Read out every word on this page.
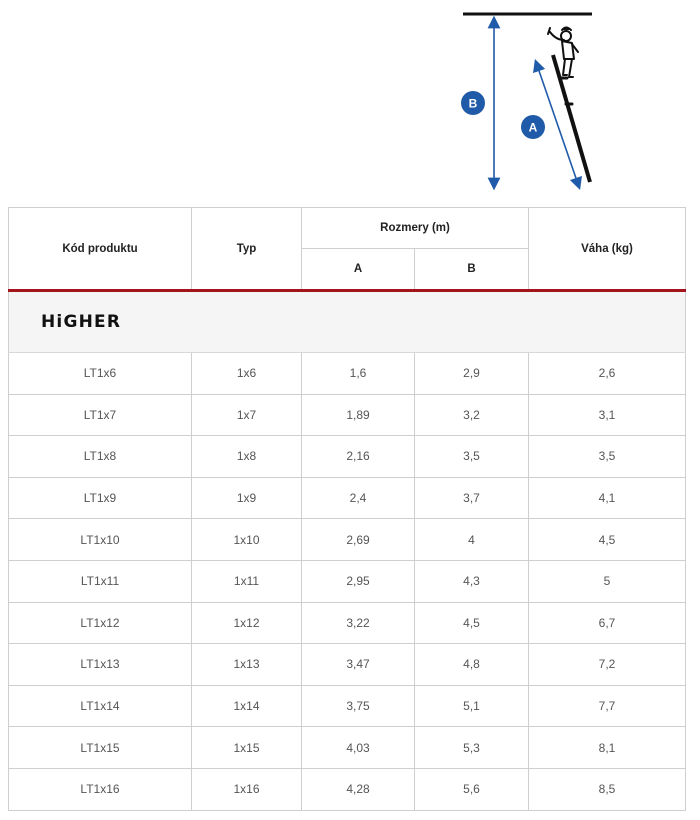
B
A
Kód produktu	Typ	Rozmery (m)		Váha (kg)
		A	B	
HiGHER				
LT1x6	1x6	1,6	2,9	2,6
LT1x7	1x7	1,89	3,2	3,1
LT1x8	1x8	2,16	3,5	3,5
LT1x9	1x9	2,4	3,7	4,1
LT1x10	1x10	2,69	4	4,5
LT1x11	1x11	2,95	4,3	5
LT1x12	1x12	3,22	4,5	6,7
LT1x13	1x13	3,47	4,8	7,2
LT1x14	1x14	3,75	5,1	7,7
LT1x15	1x15	4,03	5,3	8,1
LT1x16	1x16	4,28	5,6	8,5
